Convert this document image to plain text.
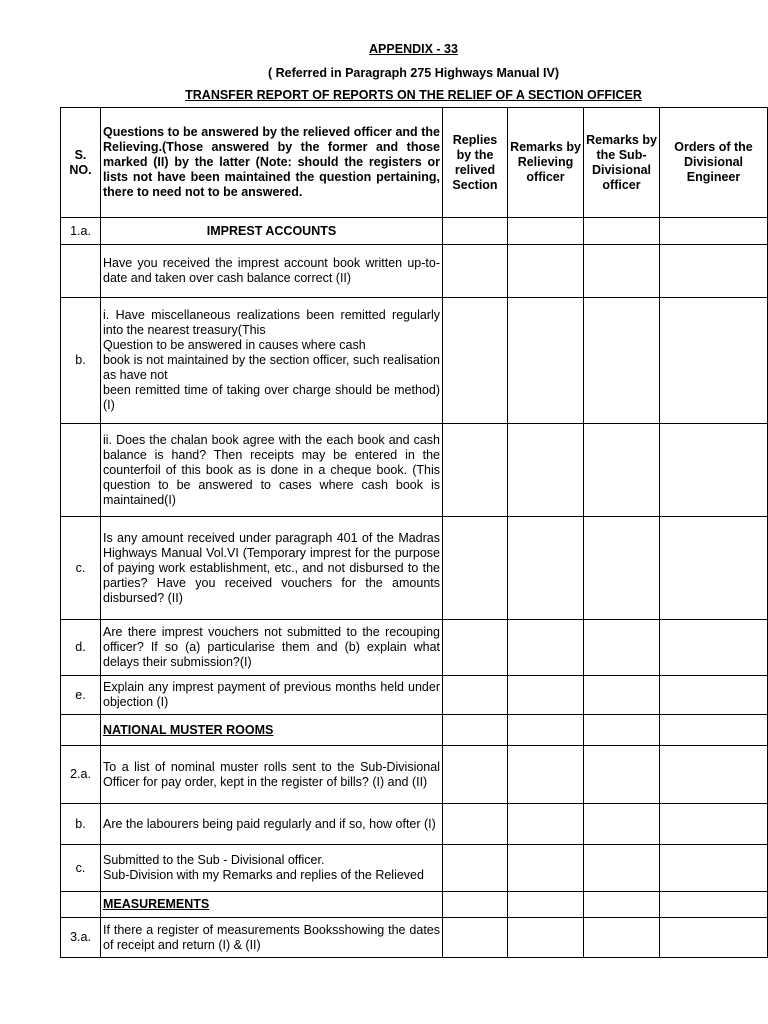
APPENDIX - 33
( Referred in Paragraph 275 Highways Manual IV)
TRANSFER REPORT OF REPORTS ON THE RELIEF OF A SECTION OFFICER
S.
NO.	Questions to be answered by the relieved officer and the Relieving.(Those answered by the former and those marked (II) by the latter (Note: should the registers or lists not have been maintained the question pertaining, there to need not to be answered.	Replies by the relived Section	Remarks by Relieving officer	Remarks by the Sub-Divisional officer	Orders of the Divisional Engineer
1.a.	IMPREST ACCOUNTS				
	Have you received the imprest account book written up-to-date and taken over cash balance correct (II)				
b.	i. Have miscellaneous realizations been remitted regularly into the nearest treasury(This
Question to be answered in causes where cash
book is not maintained by the section officer, such realisation as have not
been remitted time of taking over charge should be method)(I)				
	ii. Does the chalan book agree with the each book and cash balance is hand? Then receipts may be entered in the counterfoil of this book as is done in a cheque book. (This question to be answered to cases where cash book is maintained(I)				
c.	Is any amount received under paragraph 401 of the Madras Highways Manual Vol.VI (Temporary imprest for the purpose of paying work establishment, etc., and not disbursed to the parties? Have you received vouchers for the amounts disbursed? (II)				
d.	Are there imprest vouchers not submitted to the recouping officer? If so (a) particularise them and (b) explain what delays their submission?(I)				
e.	Explain any imprest payment of previous months held under objection (I)				
	NATIONAL MUSTER ROOMS				
2.a.	To a list of nominal muster rolls sent to the Sub-Divisional Officer for pay order, kept in the register of bills? (I) and (II)				
b.	Are the labourers being paid regularly and if so, how ofter (I)				
c.	Submitted to the Sub - Divisional officer.
Sub-Division with my Remarks and replies of the Relieved				
	MEASUREMENTS				
3.a.	If there a register of measurements Booksshowing the dates of receipt and return (I) & (II)				
